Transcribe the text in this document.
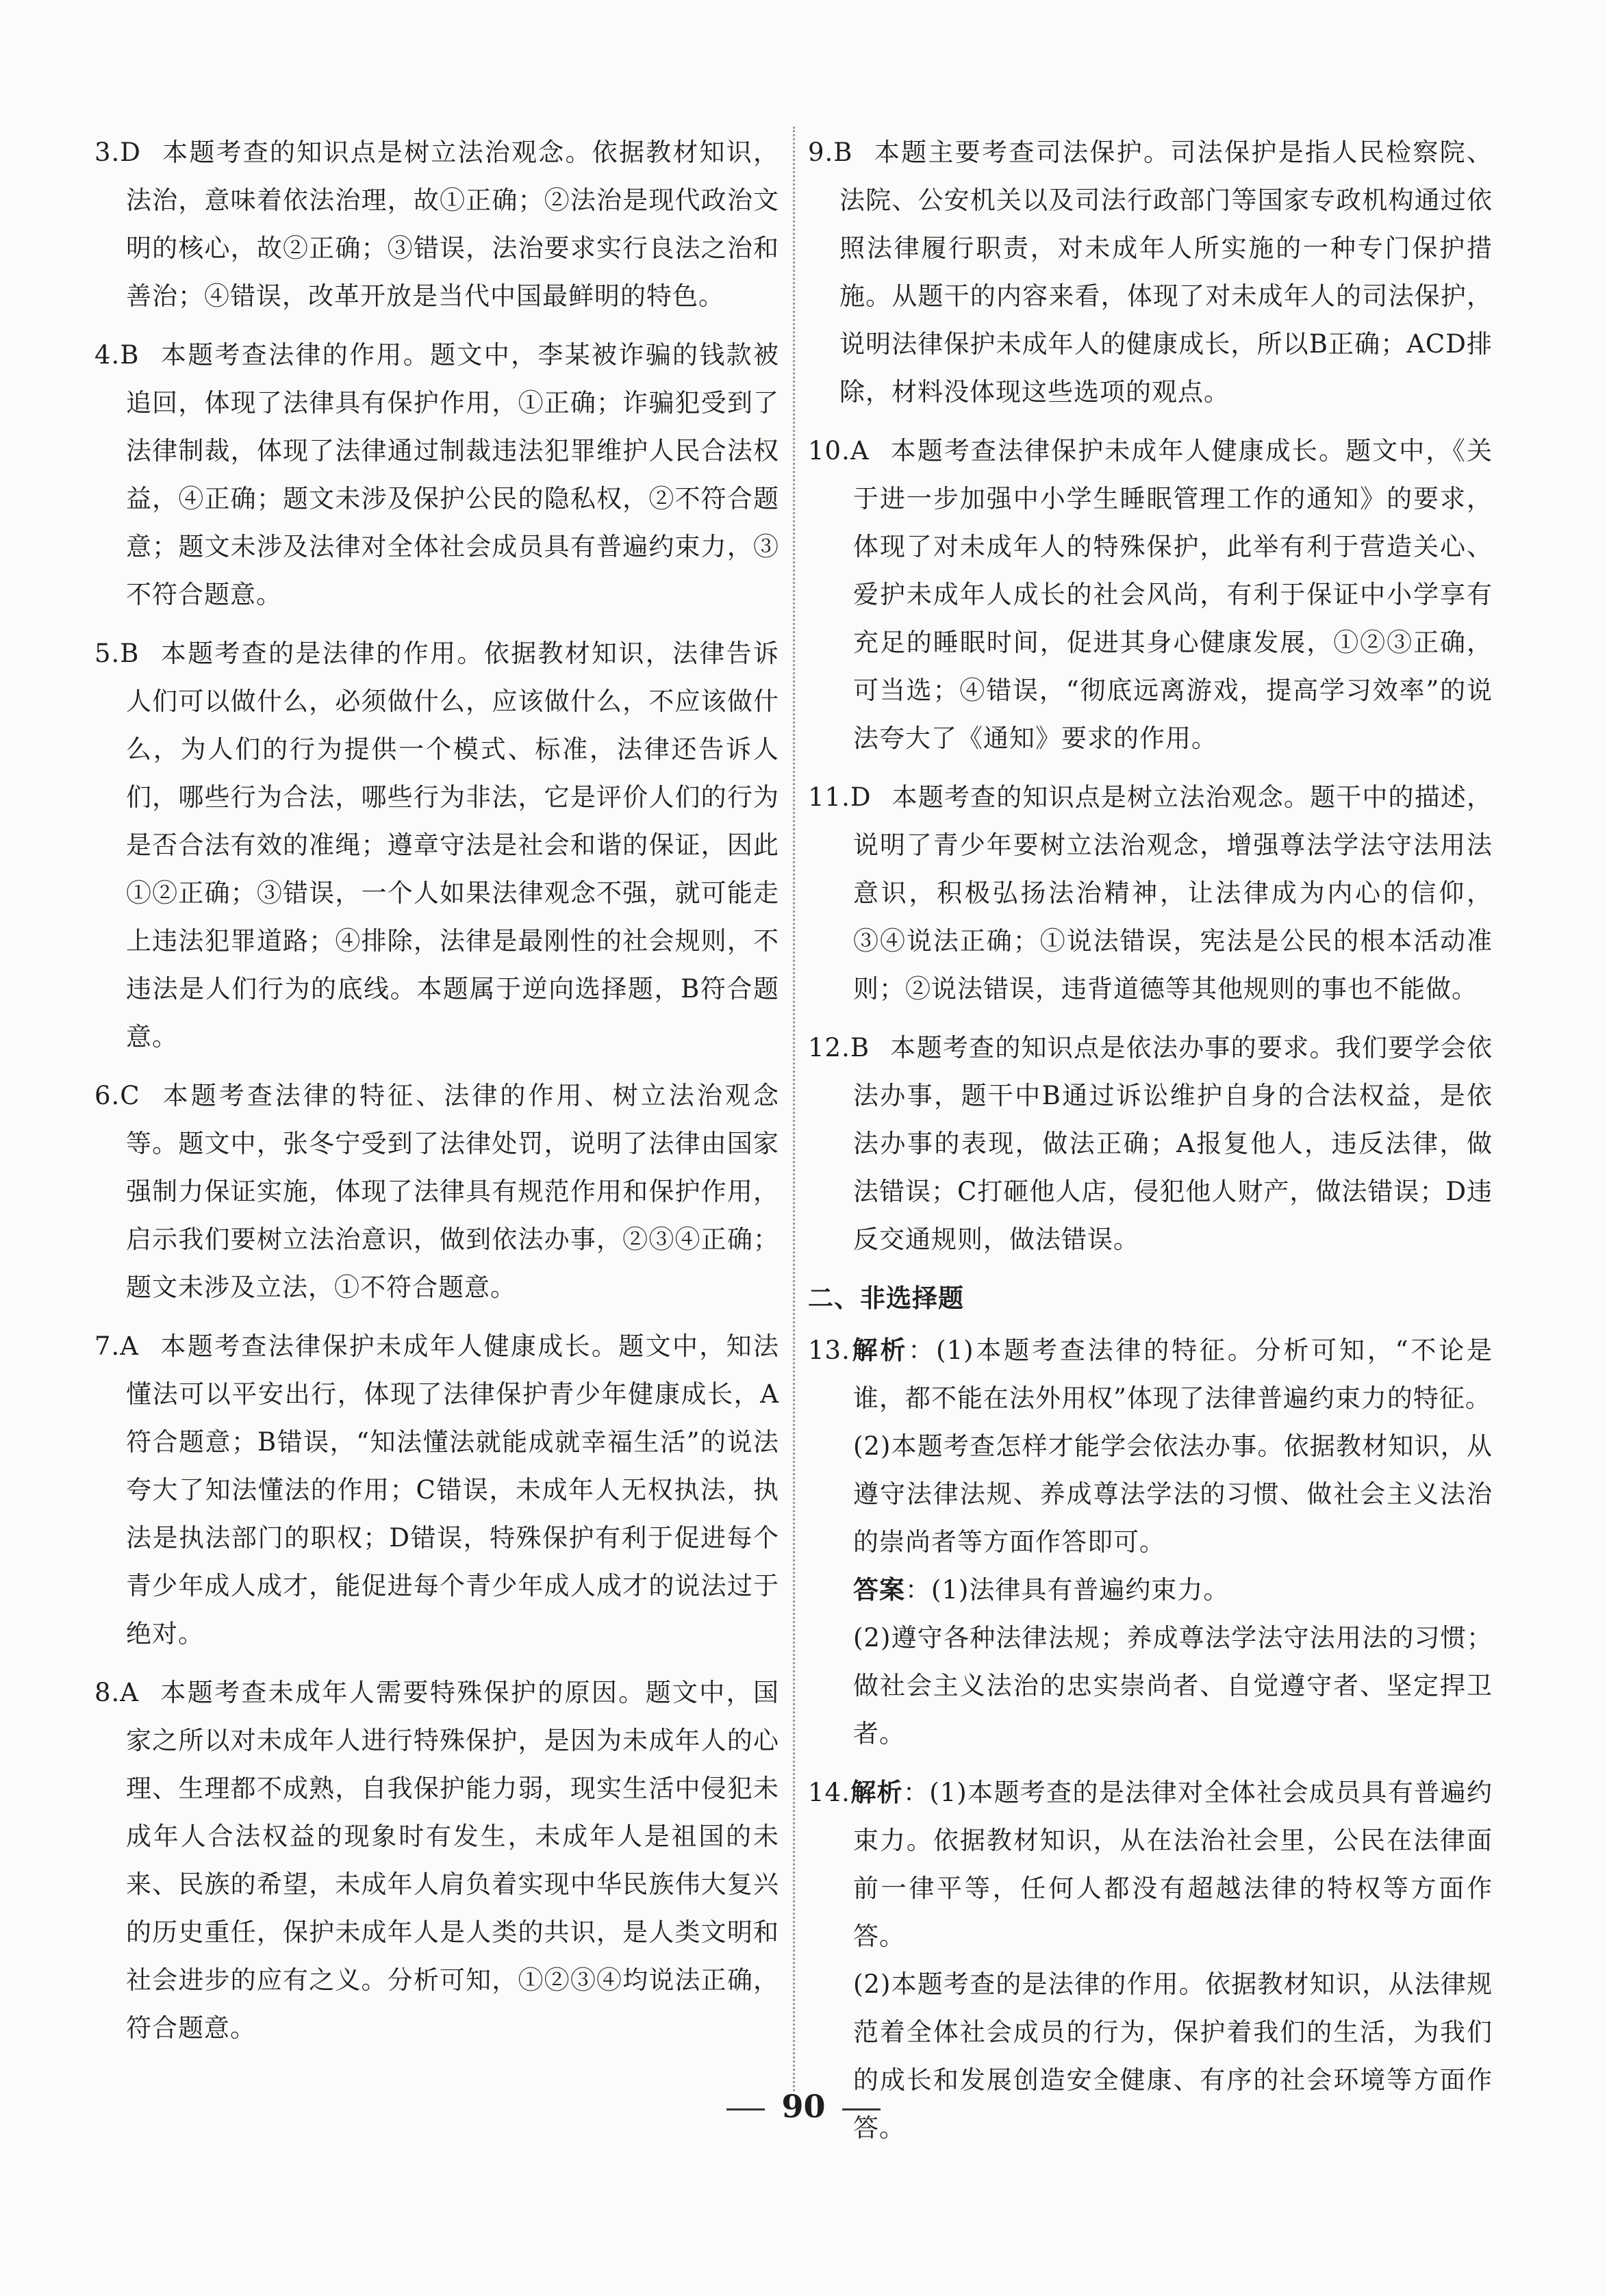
3.D 本题考查的知识点是树立法治观念。依据教材知识，法治，意味着依法治理，故①正确；②法治是现代政治文明的核心，故②正确；③错误，法治要求实行良法之治和善治；④错误，改革开放是当代中国最鲜明的特色。

4.B 本题考查法律的作用。题文中，李某被诈骗的钱款被追回，体现了法律具有保护作用，①正确；诈骗犯受到了法律制裁，体现了法律通过制裁违法犯罪维护人民合法权益，④正确；题文未涉及保护公民的隐私权，②不符合题意；题文未涉及法律对全体社会成员具有普遍约束力，③不符合题意。

5.B 本题考查的是法律的作用。依据教材知识，法律告诉人们可以做什么，必须做什么，应该做什么，不应该做什么，为人们的行为提供一个模式、标准，法律还告诉人们，哪些行为合法，哪些行为非法，它是评价人们的行为是否合法有效的准绳；遵章守法是社会和谐的保证，因此①②正确；③错误，一个人如果法律观念不强，就可能走上违法犯罪道路；④排除，法律是最刚性的社会规则，不违法是人们行为的底线。本题属于逆向选择题，B符合题意。

6.C 本题考查法律的特征、法律的作用、树立法治观念等。题文中，张冬宁受到了法律处罚，说明了法律由国家强制力保证实施，体现了法律具有规范作用和保护作用，启示我们要树立法治意识，做到依法办事，②③④正确；题文未涉及立法，①不符合题意。

7.A 本题考查法律保护未成年人健康成长。题文中，知法懂法可以平安出行，体现了法律保护青少年健康成长，A符合题意；B错误，“知法懂法就能成就幸福生活”的说法夸大了知法懂法的作用；C错误，未成年人无权执法，执法是执法部门的职权；D错误，特殊保护有利于促进每个青少年成人成才，能促进每个青少年成人成才的说法过于绝对。

8.A 本题考查未成年人需要特殊保护的原因。题文中，国家之所以对未成年人进行特殊保护，是因为未成年人的心理、生理都不成熟，自我保护能力弱，现实生活中侵犯未成年人合法权益的现象时有发生，未成年人是祖国的未来、民族的希望，未成年人肩负着实现中华民族伟大复兴的历史重任，保护未成年人是人类的共识，是人类文明和社会进步的应有之义。分析可知，①②③④均说法正确，符合题意。

9.B 本题主要考查司法保护。司法保护是指人民检察院、法院、公安机关以及司法行政部门等国家专政机构通过依照法律履行职责，对未成年人所实施的一种专门保护措施。从题干的内容来看，体现了对未成年人的司法保护，说明法律保护未成年人的健康成长，所以B正确；ACD排除，材料没体现这些选项的观点。

10.A 本题考查法律保护未成年人健康成长。题文中，《关于进一步加强中小学生睡眠管理工作的通知》的要求，体现了对未成年人的特殊保护，此举有利于营造关心、爱护未成年人成长的社会风尚，有利于保证中小学享有充足的睡眠时间，促进其身心健康发展，①②③正确，可当选；④错误，“彻底远离游戏，提高学习效率”的说法夸大了《通知》要求的作用。

11.D 本题考查的知识点是树立法治观念。题干中的描述，说明了青少年要树立法治观念，增强尊法学法守法用法意识，积极弘扬法治精神，让法律成为内心的信仰，③④说法正确；①说法错误，宪法是公民的根本活动准则；②说法错误，违背道德等其他规则的事也不能做。

12.B 本题考查的知识点是依法办事的要求。我们要学会依法办事，题干中B通过诉讼维护自身的合法权益，是依法办事的表现，做法正确；A报复他人，违反法律，做法错误；C打砸他人店，侵犯他人财产，做法错误；D违反交通规则，做法错误。

二、非选择题

13.解析：(1)本题考查法律的特征。分析可知，“不论是谁，都不能在法外用权”体现了法律普遍约束力的特征。

(2)本题考查怎样才能学会依法办事。依据教材知识，从遵守法律法规、养成尊法学法的习惯、做社会主义法治的崇尚者等方面作答即可。

答案：(1)法律具有普遍约束力。

(2)遵守各种法律法规；养成尊法学法守法用法的习惯；做社会主义法治的忠实崇尚者、自觉遵守者、坚定捍卫者。

14.解析：(1)本题考查的是法律对全体社会成员具有普遍约束力。依据教材知识，从在法治社会里，公民在法律面前一律平等，任何人都没有超越法律的特权等方面作答。

(2)本题考查的是法律的作用。依据教材知识，从法律规范着全体社会成员的行为，保护着我们的生活，为我们的成长和发展创造安全健康、有序的社会环境等方面作答。

90
